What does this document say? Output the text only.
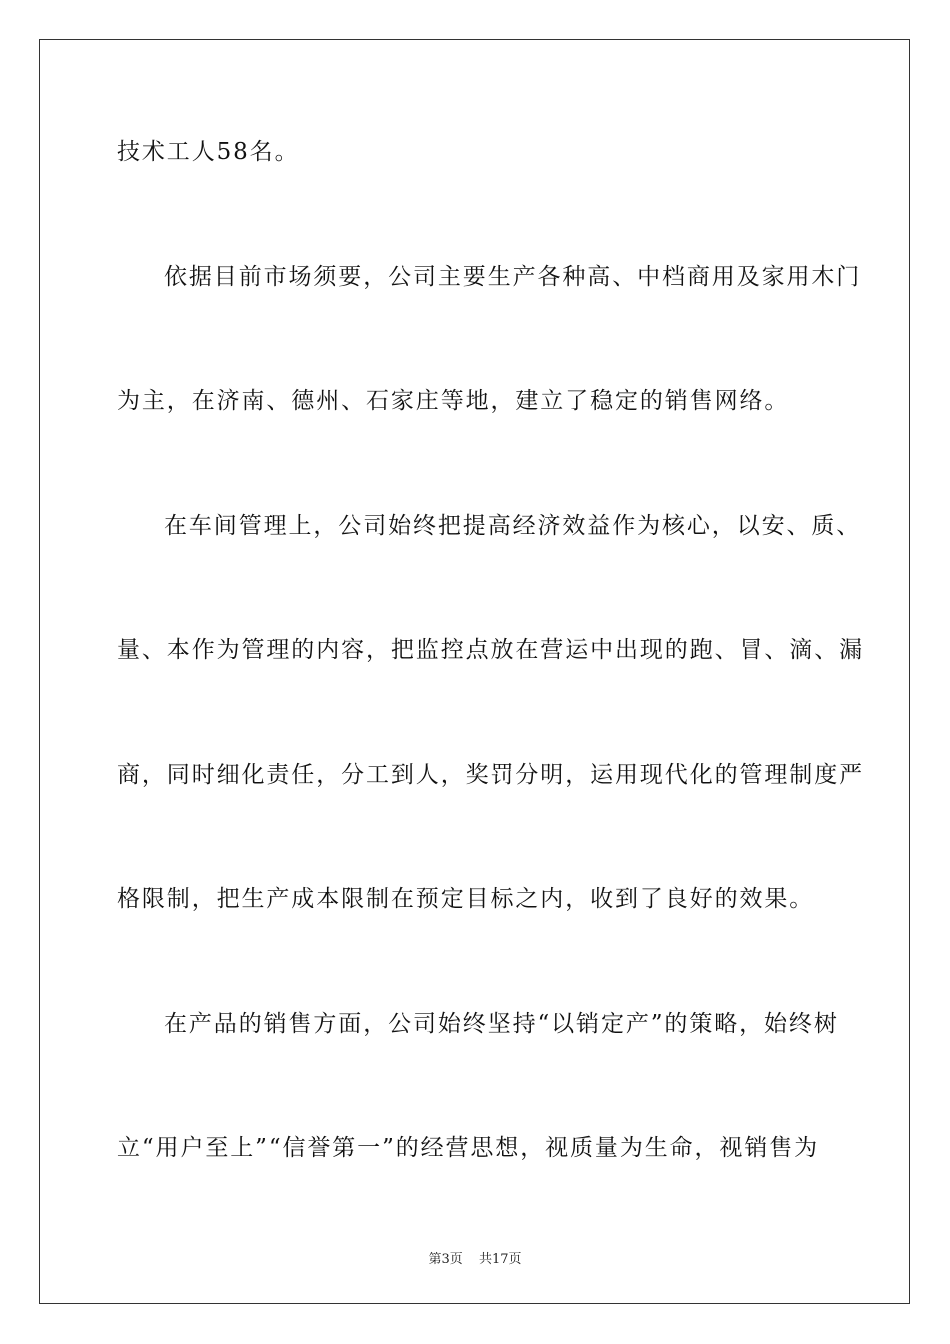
技术工人58名。
依据目前市场须要，公司主要生产各种高、中档商用及家用木门
为主，在济南、德州、石家庄等地，建立了稳定的销售网络。
在车间管理上，公司始终把提高经济效益作为核心，以安、质、
量、本作为管理的内容，把监控点放在营运中出现的跑、冒、滴、漏
商，同时细化责任，分工到人，奖罚分明，运用现代化的管理制度严
格限制，把生产成本限制在预定目标之内，收到了良好的效果。
在产品的销售方面，公司始终坚持“以销定产”的策略，始终树
立“用户至上”“信誉第一”的经营思想，视质量为生命，视销售为
第3页 共17页
